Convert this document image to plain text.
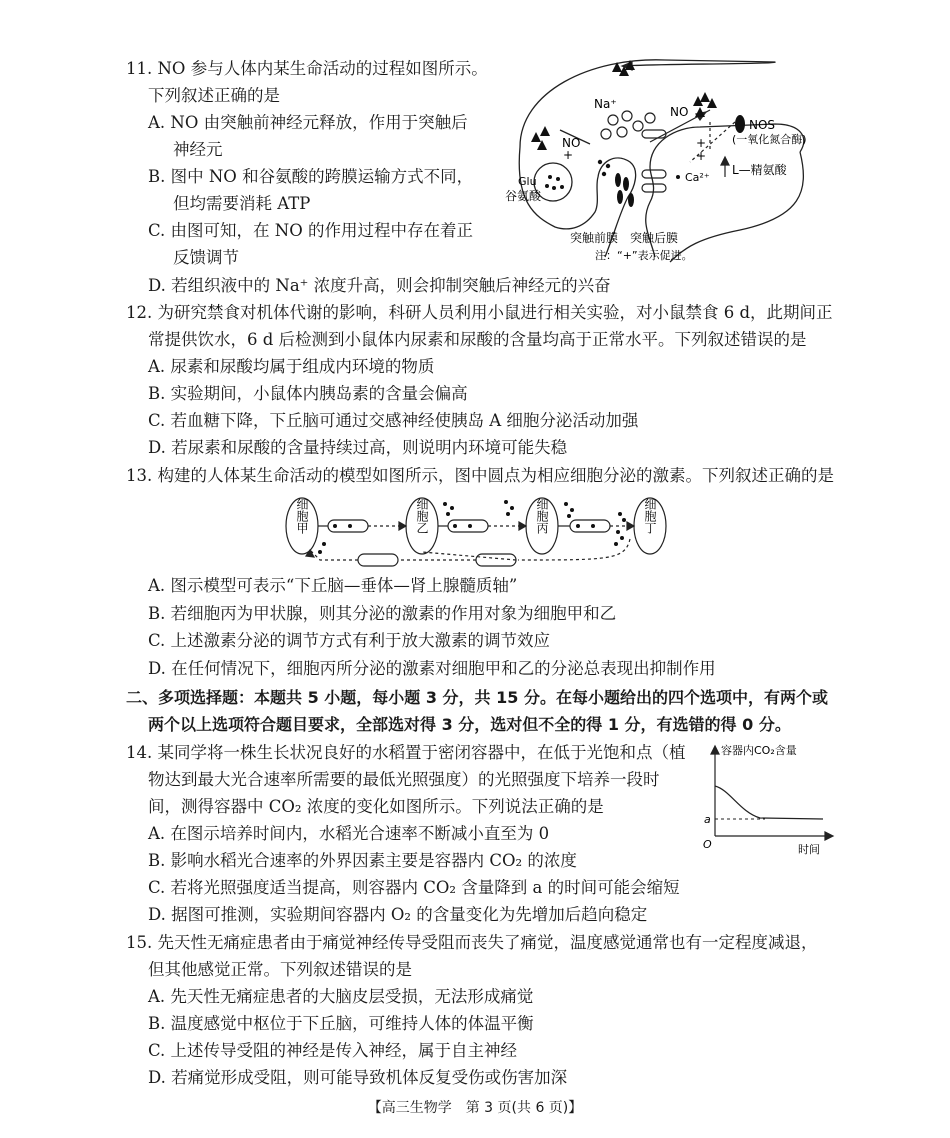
11. NO 参与人体内某生命活动的过程如图所示。
下列叙述正确的是
A. NO 由突触前神经元释放，作用于突触后
神经元
B. 图中 NO 和谷氨酸的跨膜运输方式不同，
但均需要消耗 ATP
C. 由图可知，在 NO 的作用过程中存在着正
反馈调节
D. 若组织液中的 Na⁺ 浓度升高，则会抑制突触后神经元的兴奋
Na⁺
NO
NO
+
+
+
NOS
(一氧化氮合酶)
Glu
谷氨酸
Ca²⁺
L—精氨酸
突触前膜 突触后膜
注：“+”表示促进。
12. 为研究禁食对机体代谢的影响，科研人员利用小鼠进行相关实验，对小鼠禁食 6 d，此期间正
常提供饮水，6 d 后检测到小鼠体内尿素和尿酸的含量均高于正常水平。下列叙述错误的是
A. 尿素和尿酸均属于组成内环境的物质
B. 实验期间，小鼠体内胰岛素的含量会偏高
C. 若血糖下降，下丘脑可通过交感神经使胰岛 A 细胞分泌活动加强
D. 若尿素和尿酸的含量持续过高，则说明内环境可能失稳
13. 构建的人体某生命活动的模型如图所示，图中圆点为相应细胞分泌的激素。下列叙述正确的是
细胞甲	细胞乙	细胞丙	细胞丁
A. 图示模型可表示“下丘脑—垂体—肾上腺髓质轴”
B. 若细胞丙为甲状腺，则其分泌的激素的作用对象为细胞甲和乙
C. 上述激素分泌的调节方式有利于放大激素的调节效应
D. 在任何情况下，细胞丙所分泌的激素对细胞甲和乙的分泌总表现出抑制作用
二、多项选择题：本题共 5 小题，每小题 3 分，共 15 分。在每小题给出的四个选项中，有两个或
两个以上选项符合题目要求，全部选对得 3 分，选对但不全的得 1 分，有选错的得 0 分。
14. 某同学将一株生长状况良好的水稻置于密闭容器中，在低于光饱和点（植
物达到最大光合速率所需要的最低光照强度）的光照强度下培养一段时
间，测得容器中 CO₂ 浓度的变化如图所示。下列说法正确的是
A. 在图示培养时间内，水稻光合速率不断减小直至为 0
B. 影响水稻光合速率的外界因素主要是容器内 CO₂ 的浓度
C. 若将光照强度适当提高，则容器内 CO₂ 含量降到 a 的时间可能会缩短
D. 据图可推测，实验期间容器内 O₂ 的含量变化为先增加后趋向稳定
容器内CO₂含量
时间
O
a
15. 先天性无痛症患者由于痛觉神经传导受阻而丧失了痛觉，温度感觉通常也有一定程度减退，
但其他感觉正常。下列叙述错误的是
A. 先天性无痛症患者的大脑皮层受损，无法形成痛觉
B. 温度感觉中枢位于下丘脑，可维持人体的体温平衡
C. 上述传导受阻的神经是传入神经，属于自主神经
D. 若痛觉形成受阻，则可能导致机体反复受伤或伤害加深
【高三生物学　第 3 页(共 6 页)】
